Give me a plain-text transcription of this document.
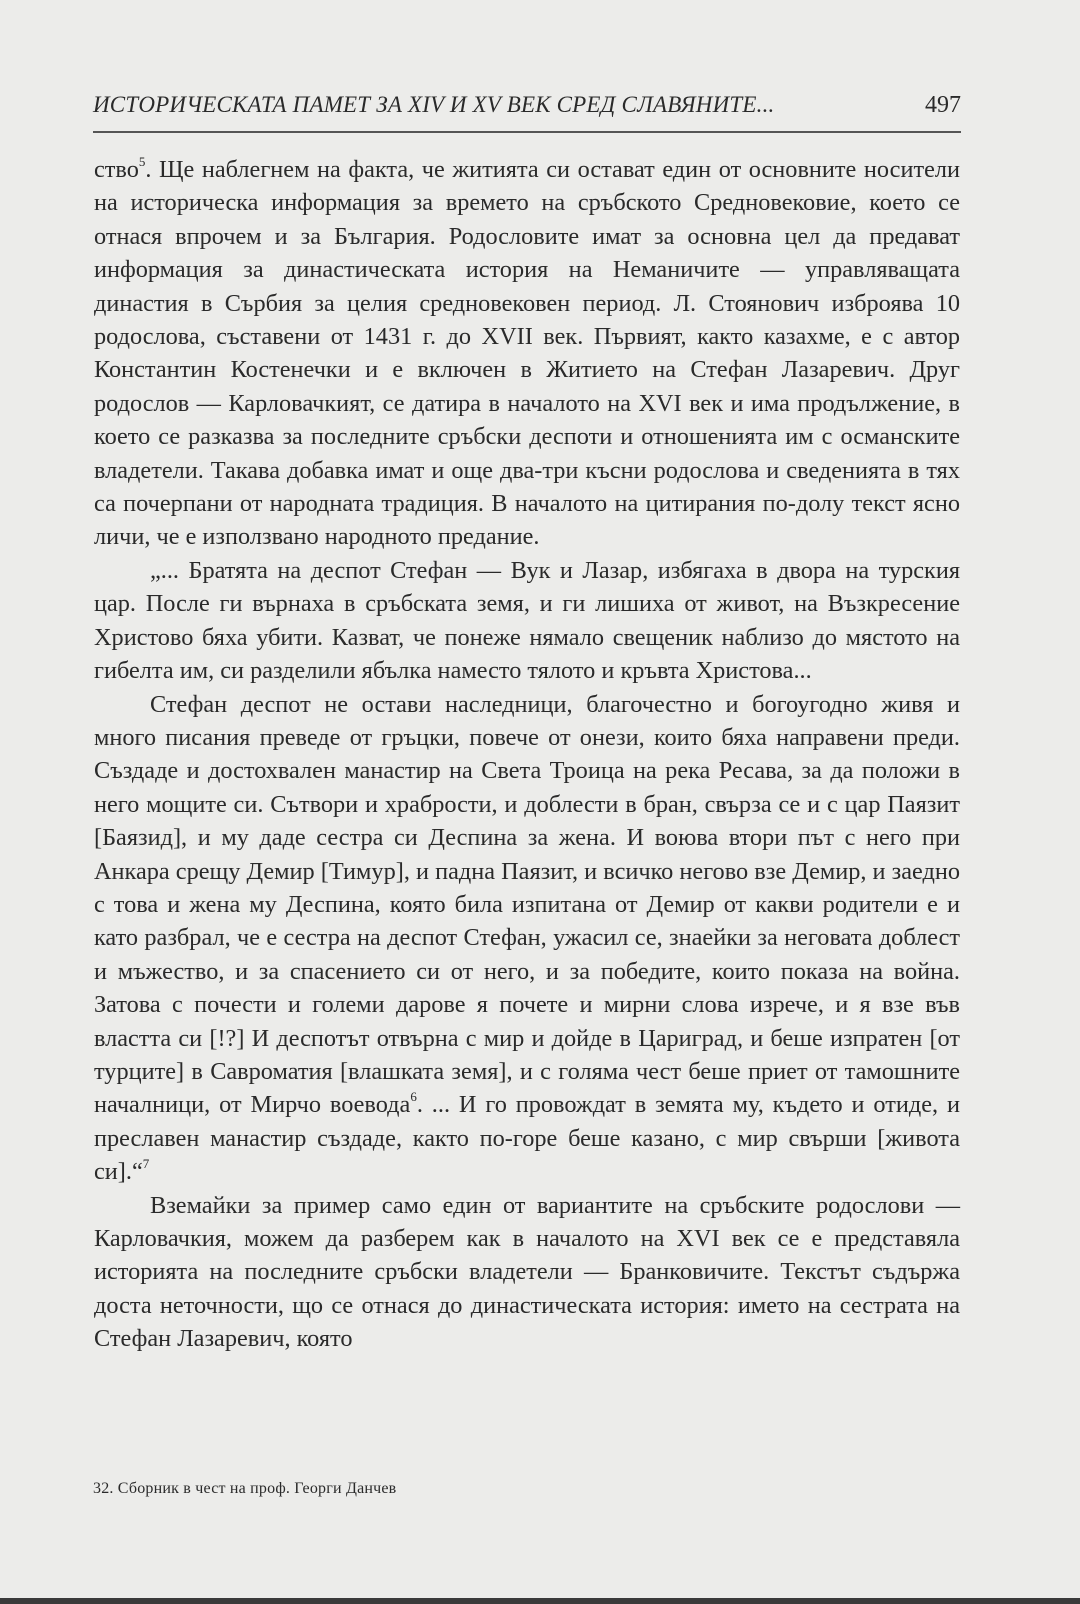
ИСТОРИЧЕСКАТА ПАМЕТ ЗА XIV И XV ВЕК СРЕД СЛАВЯНИТЕ...	497

ство$^5$. Ще наблегнем на факта, че житията си остават един от основните носители на историческа информация за времето на сръбското Средновековие, което се отнася впрочем и за България. Родословите имат за основна цел да предават информация за династическата история на Неманичите — управляващата династия в Сърбия за целия средновековен период. Л. Стоянович изброява 10 родослова, съставени от 1431 г. до XVII век. Първият, както казахме, е с автор Константин Костенечки и е включен в Житието на Стефан Лазаревич. Друг родослов — Карловачкият, се датира в началото на XVI век и има продължение, в което се разказва за последните сръбски деспоти и отношенията им с османските владетели. Такава добавка имат и още два-три късни родослова и сведенията в тях са почерпани от народната традиция. В началото на цитирания по-долу текст ясно личи, че е използвано народното предание.

„... Братята на деспот Стефан — Вук и Лазар, избягаха в двора на турския цар. После ги върнаха в сръбската земя, и ги лишиха от живот, на Възкресение Христово бяха убити. Казват, че понеже нямало свещеник наблизо до мястото на гибелта им, си разделили ябълка наместо тялото и кръвта Христова...

Стефан деспот не остави наследници, благочестно и богоугодно живя и много писания преведе от гръцки, повече от онези, които бяха направени преди. Създаде и достохвален манастир на Света Троица на река Ресава, за да положи в него мощите си. Сътвори и храбрости, и доблести в бран, свърза се и с цар Паязит [Баязид], и му даде сестра си Деспина за жена. И воюва втори път с него при Анкара срещу Демир [Тимур], и падна Паязит, и всичко негово взе Демир, и заедно с това и жена му Деспина, която била изпитана от Демир от какви родители е и като разбрал, че е сестра на деспот Стефан, ужасил се, знаейки за неговата доблест и мъжество, и за спасението си от него, и за победите, които показа на война. Затова с почести и големи дарове я почете и мирни слова изрече, и я взе във властта си [!?] И деспотът отвърна с мир и дойде в Цариград, и беше изпратен [от турците] в Савроматия [влашката земя], и с голяма чест беше приет от тамошните началници, от Мирчо воевода$^6$. ... И го провождат в земята му, където и отиде, и преславен манастир създаде, както по-горе беше казано, с мир свърши [живота си].“$^7$

Вземайки за пример само един от вариантите на сръбските родослови — Карловачкия, можем да разберем как в началото на XVI век се е представяла историята на последните сръбски владетели — Бранковичите. Текстът съдържа доста неточности, що се отнася до династическата история: името на сестрата на Стефан Лазаревич, която

32. Сборник в чест на проф. Георги Данчев
